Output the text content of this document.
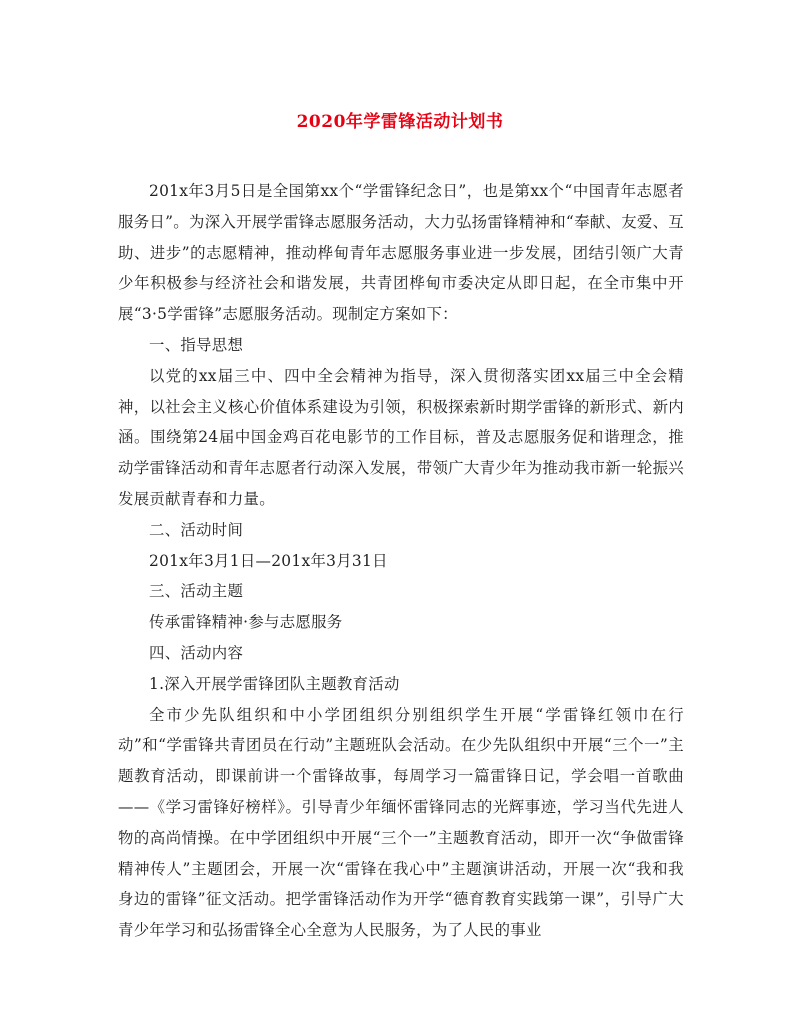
2020年学雷锋活动计划书

201x年3月5日是全国第xx个“学雷锋纪念日”，也是第xx个“中国青年志愿者服务日”。为深入开展学雷锋志愿服务活动，大力弘扬雷锋精神和“奉献、友爱、互助、进步”的志愿精神，推动桦甸青年志愿服务事业进一步发展，团结引领广大青少年积极参与经济社会和谐发展，共青团桦甸市委决定从即日起，在全市集中开展“3·5学雷锋”志愿服务活动。现制定方案如下：

一、指导思想

以党的xx届三中、四中全会精神为指导，深入贯彻落实团xx届三中全会精神，以社会主义核心价值体系建设为引领，积极探索新时期学雷锋的新形式、新内涵。围绕第24届中国金鸡百花电影节的工作目标，普及志愿服务促和谐理念，推动学雷锋活动和青年志愿者行动深入发展，带领广大青少年为推动我市新一轮振兴发展贡献青春和力量。

二、活动时间

201x年3月1日—201x年3月31日

三、活动主题

传承雷锋精神·参与志愿服务

四、活动内容

1.深入开展学雷锋团队主题教育活动

全市少先队组织和中小学团组织分别组织学生开展“学雷锋红领巾在行动”和“学雷锋共青团员在行动”主题班队会活动。在少先队组织中开展“三个一”主题教育活动，即课前讲一个雷锋故事，每周学习一篇雷锋日记，学会唱一首歌曲——《学习雷锋好榜样》。引导青少年缅怀雷锋同志的光辉事迹，学习当代先进人物的高尚情操。在中学团组织中开展“三个一”主题教育活动，即开一次“争做雷锋精神传人”主题团会，开展一次“雷锋在我心中”主题演讲活动，开展一次“我和我身边的雷锋”征文活动。把学雷锋活动作为开学“德育教育实践第一课”，引导广大青少年学习和弘扬雷锋全心全意为人民服务，为了人民的事业
